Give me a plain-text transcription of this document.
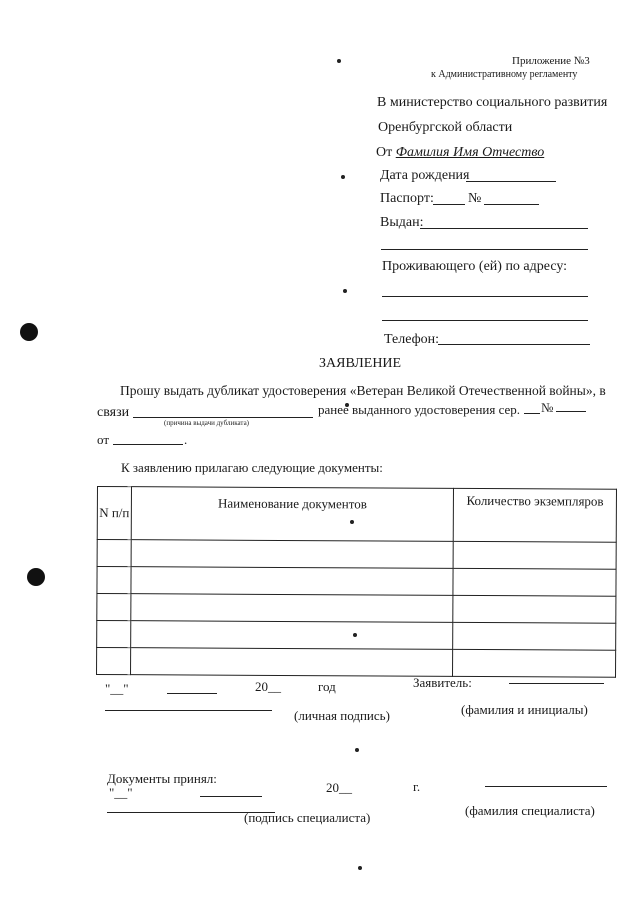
Приложение №3
к Административному регламенту
В министерство социального развития
Оренбургской области
От Фамилия Имя Отчество
Дата рождения
Паспорт: №
Выдан:
Проживающего (ей) по адресу:
Телефон:
ЗАЯВЛЕНИЕ
Прошу выдать дубликат удостоверения «Ветеран Великой Отечественной войны», в
связи
(причина выдачи дубликата)
ранее выданного удостоверения сер. №
от	.
К заявлению прилагаю следующие документы:
N п/п	Наименование документов	Количество экземпляров

"__"	20__	год	Заявитель:
(личная подпись)	(фамилия и инициалы)
Документы принял:
"__"	20__	г.
(подпись специалиста)	(фамилия специалиста)
